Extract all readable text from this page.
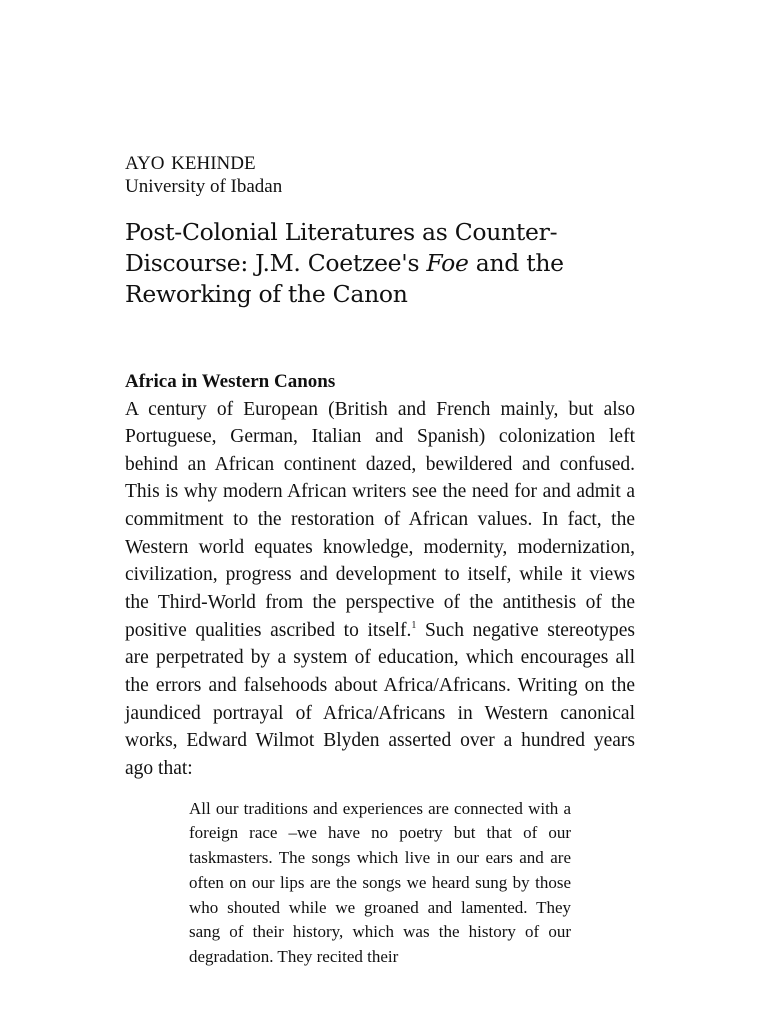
AYO KEHINDE
University of Ibadan
Post-Colonial Literatures as Counter-
Discourse: J.M. Coetzee's Foe and the
Reworking of the Canon
Africa in Western Canons
A century of European (British and French mainly, but also Portuguese, German, Italian and Spanish) colonization left behind an African continent dazed, bewildered and confused. This is why modern African writers see the need for and admit a commitment to the restoration of African values. In fact, the Western world equates knowledge, modernity, modernization, civilization, progress and development to itself, while it views the Third-World from the perspective of the antithesis of the positive qualities ascribed to itself.$^1$ Such negative stereotypes are perpetrated by a system of education, which encourages all the errors and falsehoods about Africa/Africans. Writing on the jaundiced portrayal of Africa/Africans in Western canonical works, Edward Wilmot Blyden asserted over a hundred years ago that:
All our traditions and experiences are connected with a foreign race –we have no poetry but that of our taskmasters. The songs which live in our ears and are often on our lips are the songs we heard sung by those who shouted while we groaned and lamented. They sang of their history, which was the history of our degradation. They recited their
